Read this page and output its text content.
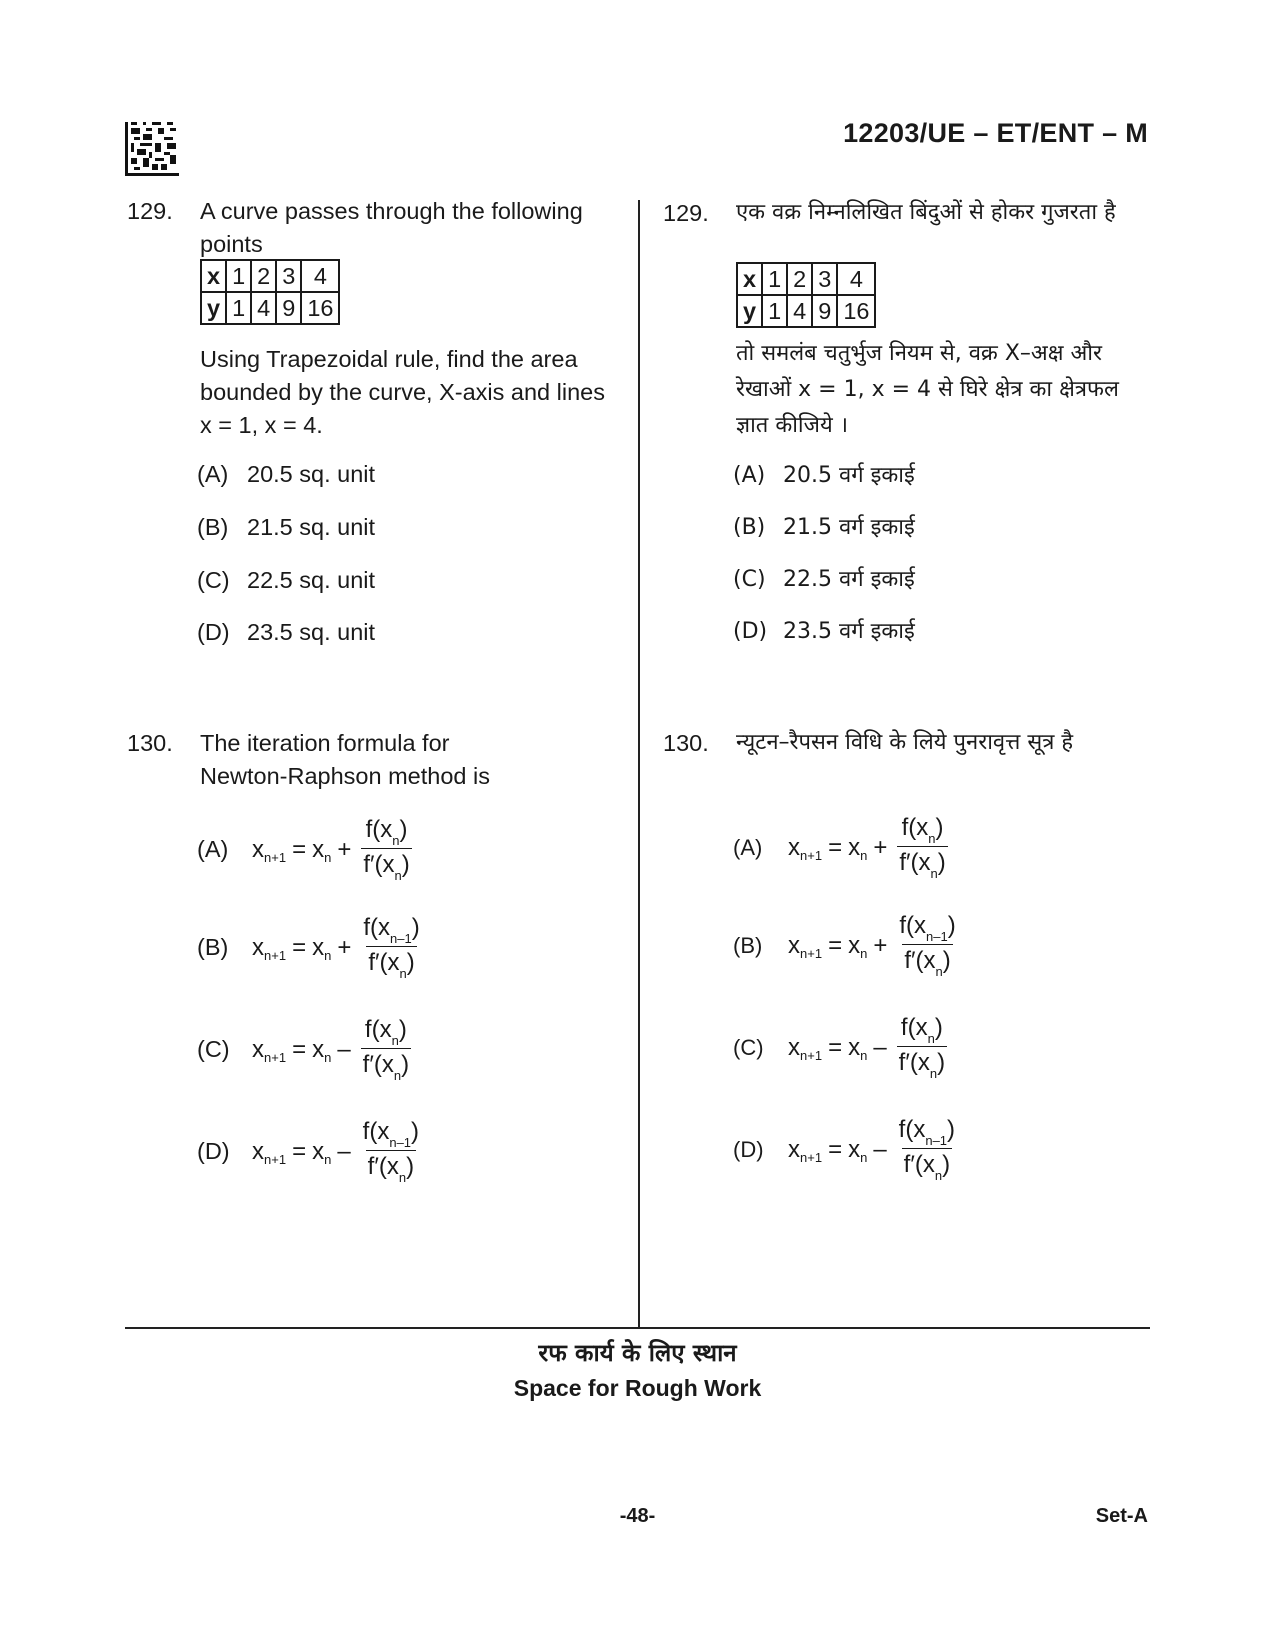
12203/UE – ET/ENT – M
129. A curve passes through the following points
x	1	2	3	4
y	1	4	9	16
Using Trapezoidal rule, find the area bounded by the curve, X-axis and lines x = 1, x = 4.
(A) 20.5 sq. unit
(B) 21.5 sq. unit
(C) 22.5 sq. unit
(D) 23.5 sq. unit
130. The iteration formula for Newton-Raphson method is
(A) x n+1 = x $n + \frac{f(x_n)}{f'(x_n)}$
(B) x n+1 = x $n + \frac{f(x_{n-1})}{f'(x_n)}$
(C) x n+1 = x n – $\frac{f(x_n)}{f'(x_n)}$
(D) x n+1 = x n – $\frac{f(x_{n-1})}{f'(x_n)}$
129. एक वक्र निम्नलिखित बिंदुओं से होकर गुजरता है
x	1	2	3	4
y	1	4	9	16
तो समलंब चतुर्भुज नियम से, वक्र X–अक्ष और रेखाओं x = 1, x = 4 से घिरे क्षेत्र का क्षेत्रफल ज्ञात कीजिये ।
(A) 20.5 वर्ग इकाई
(B) 21.5 वर्ग इकाई
(C) 22.5 वर्ग इकाई
(D) 23.5 वर्ग इकाई
130. न्यूटन–रैपसन विधि के लिये पुनरावृत्त सूत्र है
(A)	x n+1 = x $n + \frac{f(x_n)}{f'(x_n)}$
(B)	x n+1 = x $n + \frac{f(x_{n-1})}{f'(x_n)}$
(C)	x n+1 = x n – $\frac{f(x_n)}{f'(x_n)}$
(D)	x n+1 = x n – $\frac{f(x_{n-1})}{f'(x_n)}$
रफ कार्य के लिए स्थान
Space for Rough Work
-48-	Set-A
